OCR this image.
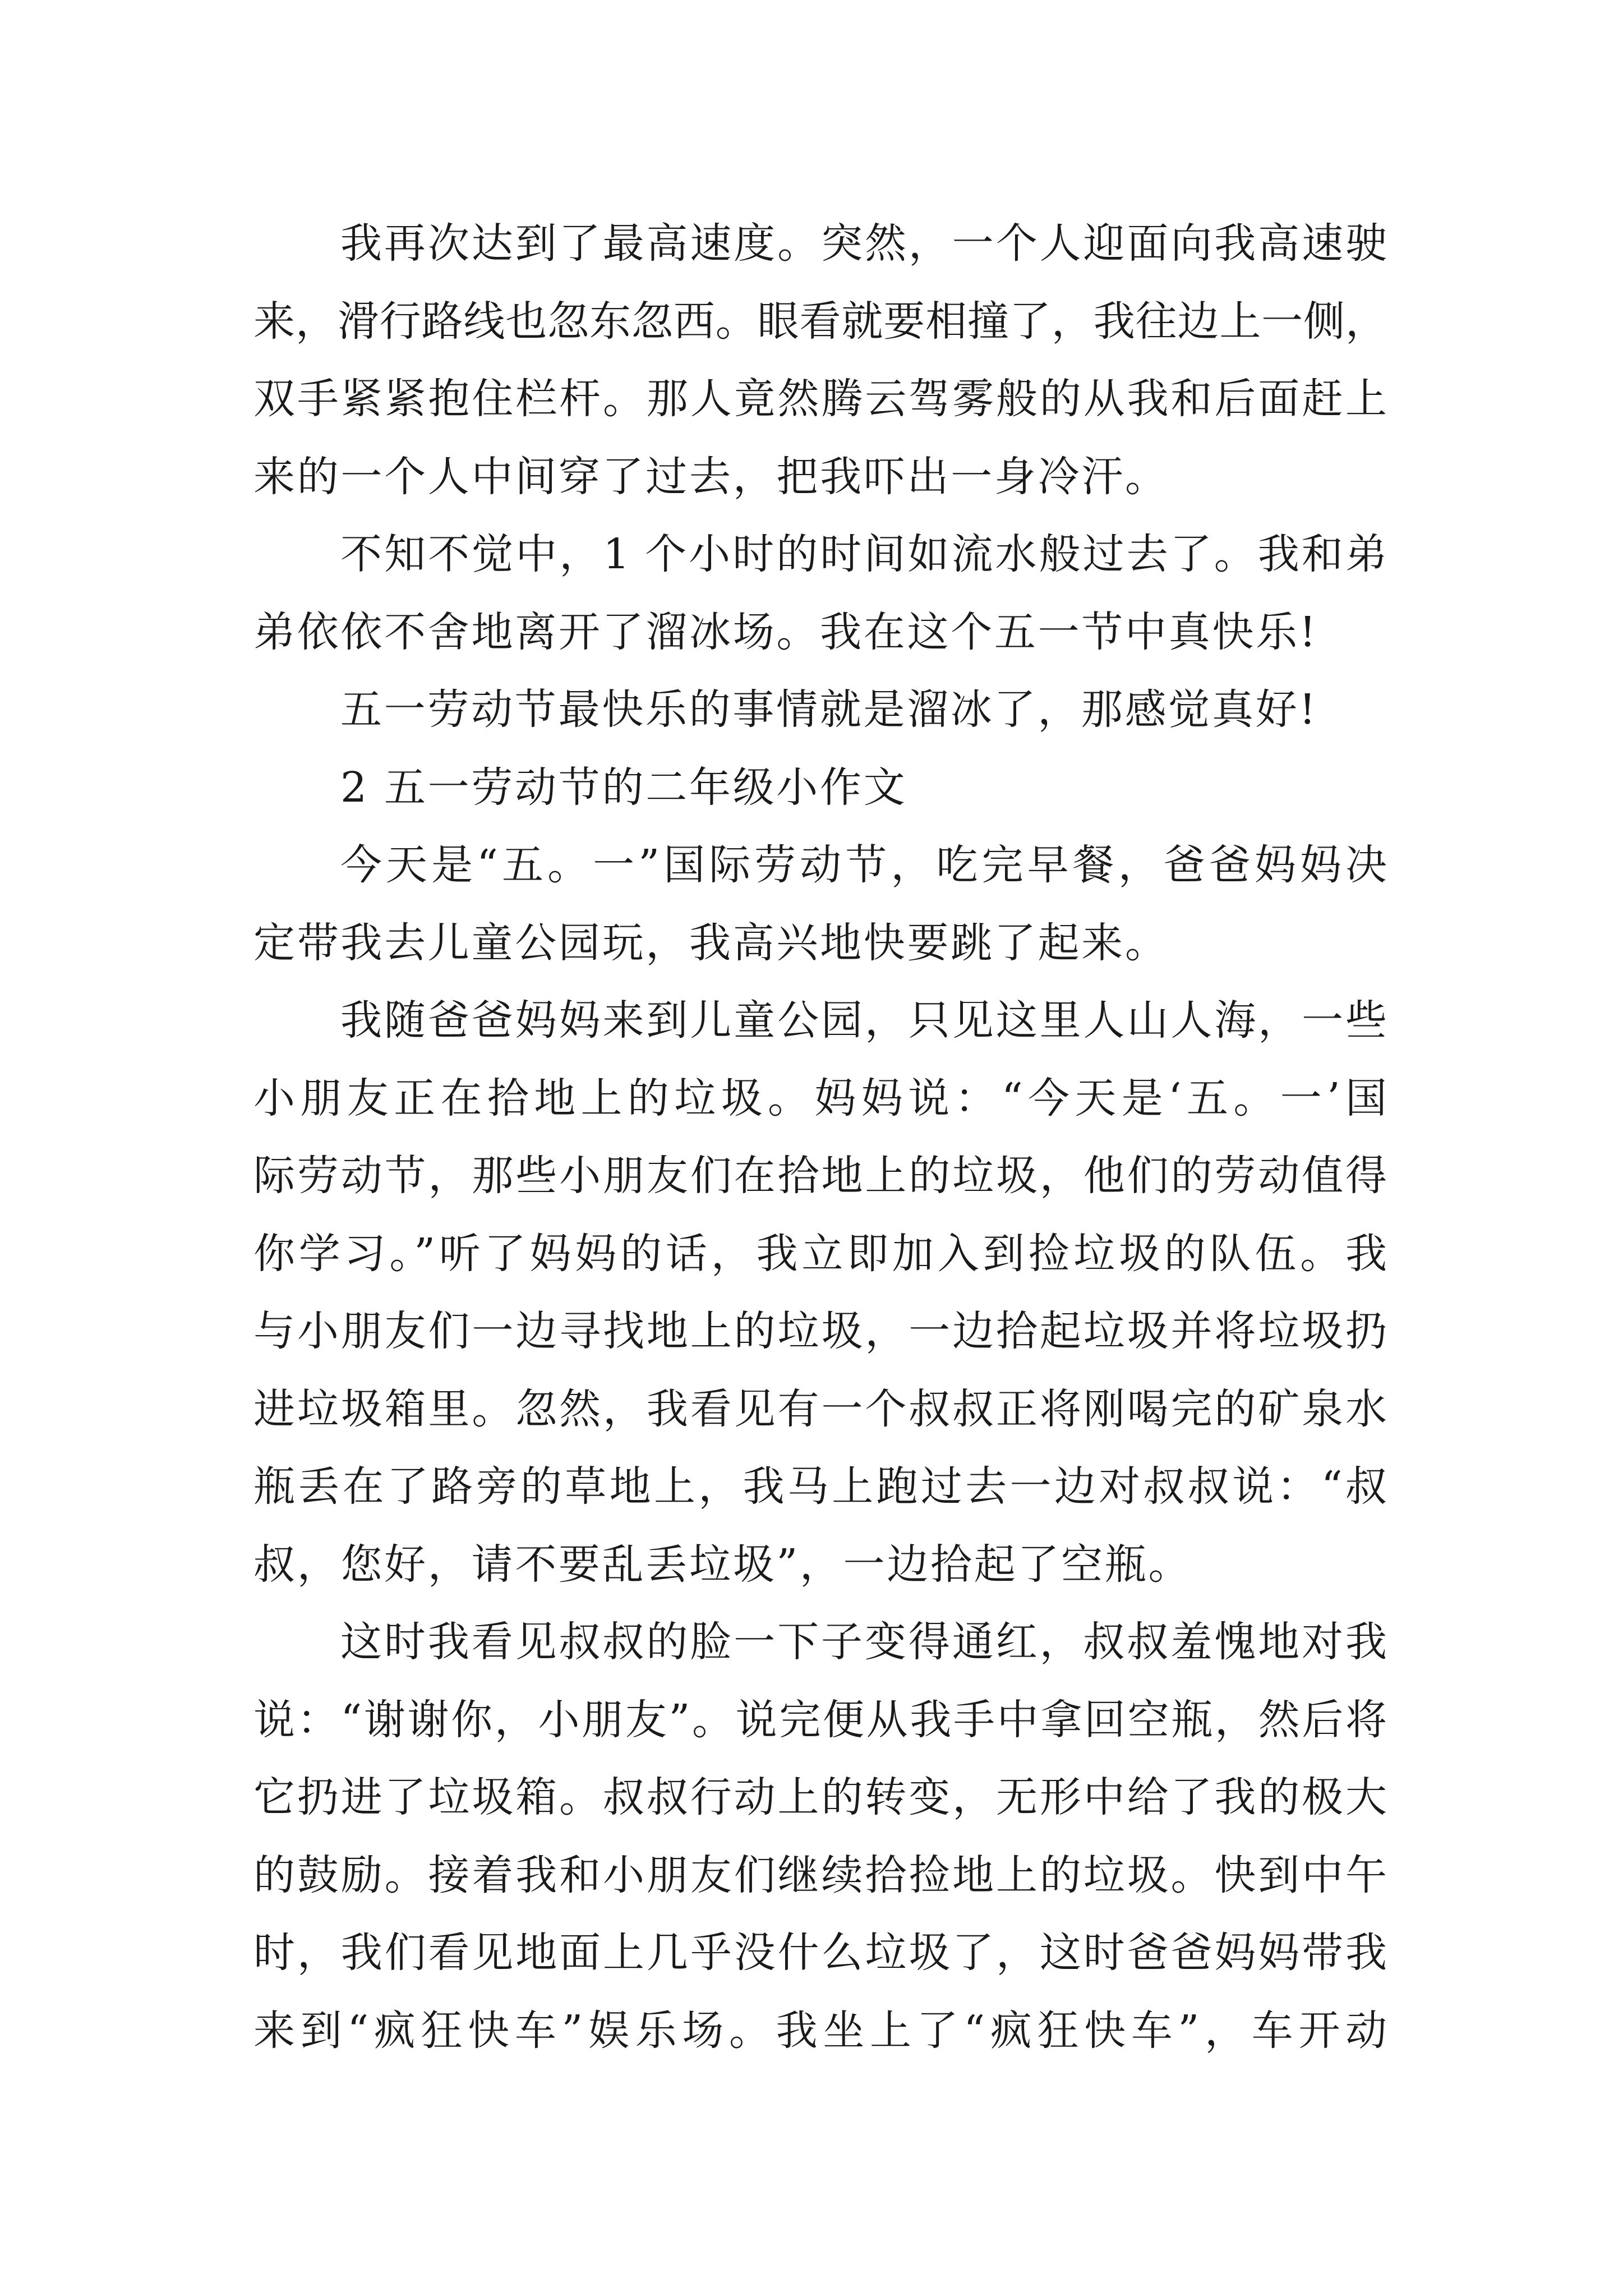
我再次达到了最高速度。突然，一个人迎面向我高速驶
来，滑行路线也忽东忽西。眼看就要相撞了，我往边上一侧，
双手紧紧抱住栏杆。那人竟然腾云驾雾般的从我和后面赶上
来的一个人中间穿了过去，把我吓出一身冷汗。
不知不觉中，1 个小时的时间如流水般过去了。我和弟
弟依依不舍地离开了溜冰场。我在这个五一节中真快乐!
五一劳动节最快乐的事情就是溜冰了，那感觉真好!
2 五一劳动节的二年级小作文
今天是“五。一”国际劳动节，吃完早餐，爸爸妈妈决
定带我去儿童公园玩，我高兴地快要跳了起来。
我随爸爸妈妈来到儿童公园，只见这里人山人海，一些
小朋友正在拾地上的垃圾。妈妈说：“今天是‘五。一’国
际劳动节，那些小朋友们在拾地上的垃圾，他们的劳动值得
你学习。”听了妈妈的话，我立即加入到捡垃圾的队伍。我
与小朋友们一边寻找地上的垃圾，一边拾起垃圾并将垃圾扔
进垃圾箱里。忽然，我看见有一个叔叔正将刚喝完的矿泉水
瓶丢在了路旁的草地上，我马上跑过去一边对叔叔说：“叔
叔，您好，请不要乱丢垃圾”，一边拾起了空瓶。
这时我看见叔叔的脸一下子变得通红，叔叔羞愧地对我
说：“谢谢你，小朋友”。说完便从我手中拿回空瓶，然后将
它扔进了垃圾箱。叔叔行动上的转变，无形中给了我的极大
的鼓励。接着我和小朋友们继续拾捡地上的垃圾。快到中午
时，我们看见地面上几乎没什么垃圾了，这时爸爸妈妈带我
来到“疯狂快车”娱乐场。我坐上了“疯狂快车”，车开动
